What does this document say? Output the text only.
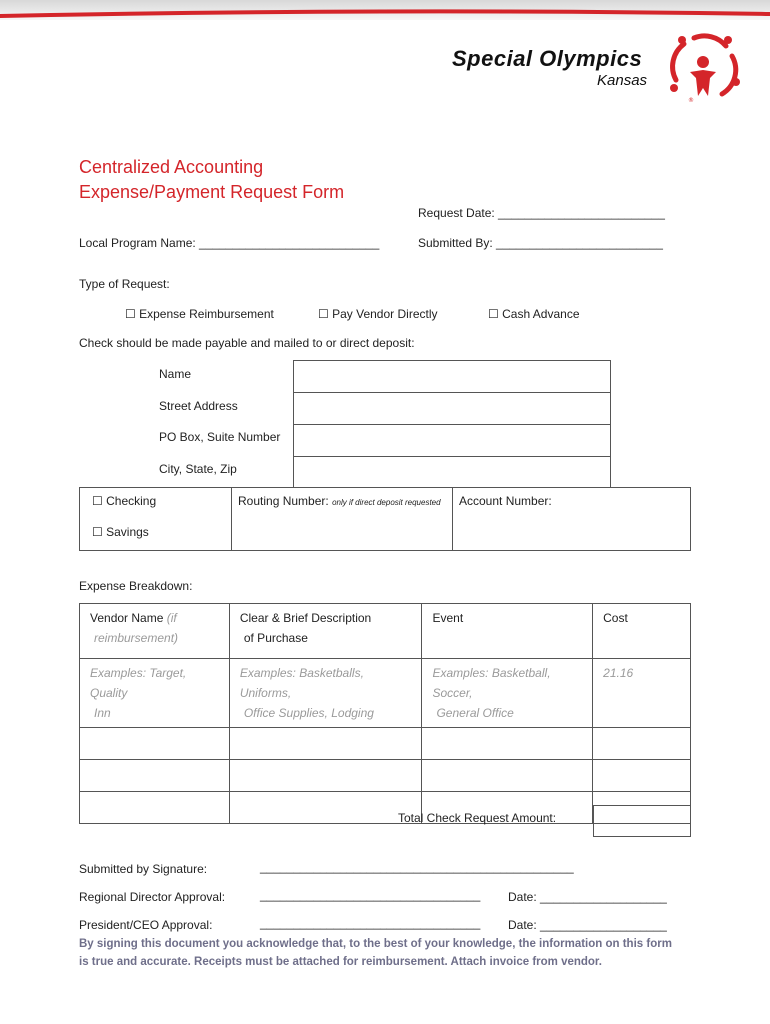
Special Olympics
Kansas
®
Centralized Accounting
Expense/Payment Request Form
Request Date: _________________________
Local Program Name: ___________________________	Submitted By: _________________________
Type of Request:
☐ Expense Reimbursement	☐ Pay Vendor Directly	☐ Cash Advance
Check should be made payable and mailed to or direct deposit:
Name
Street Address
PO Box, Suite Number
City, State, Zip
☐ Checking
☐ Savings
Routing Number: only if direct deposit requested Account Number:
Expense Breakdown:
Vendor Name (if
reimbursement)	Clear & Brief Description
of Purchase	Event	Cost
Examples: Target, Quality
Inn	Examples: Basketballs, Uniforms,
Office Supplies, Lodging	Examples: Basketball, Soccer,
General Office	21.16

Total Check Request Amount:
Submitted by Signature:	_______________________________________________
Regional Director Approval:	_________________________________ Date: ___________________
President/CEO Approval:	_________________________________ Date: ___________________
By signing this document you acknowledge that, to the best of your knowledge, the information on this form
is true and accurate. Receipts must be attached for reimbursement. Attach invoice from vendor.
